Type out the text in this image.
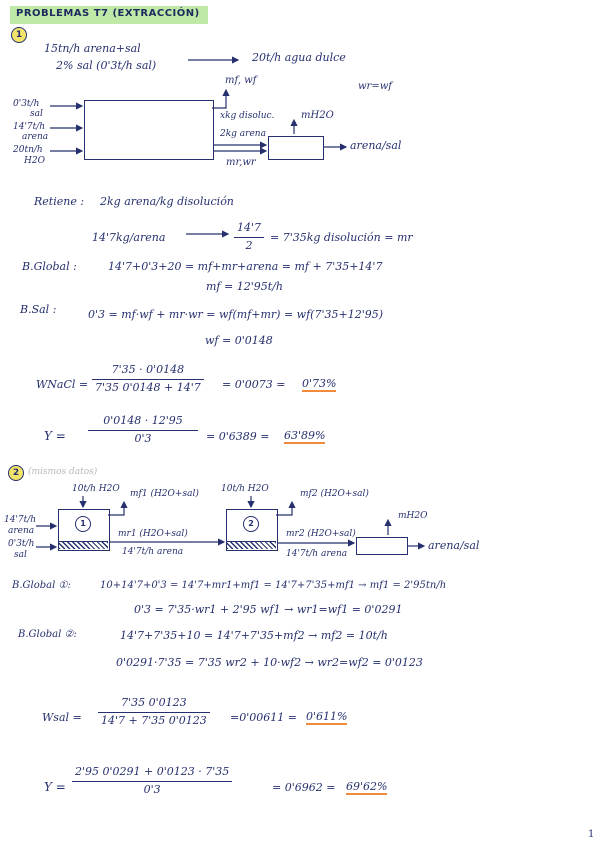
PROBLEMAS T7 (EXTRACCIÓN)
1
15tn/h arena+sal
2% sal (0'3t/h sal)
20t/h agua dulce
mf, wf
wr=wf
0'3t/h
sal
14'7t/h
arena
20tn/h
H2O
xkg disoluc.
2kg arena
mr,wr
mH2O
arena/sal
Retiene : 2kg arena/kg disolución
14'7kg/arena
14'7
2
= 7'35kg disolución = mr
B.Global :	14'7+0'3+20 = mf+mr+arena = mf + 7'35+14'7
mf = 12'95t/h
B.Sal :	0'3 = mf·wf + mr·wr = wf(mf+mr) = wf(7'35+12'95)
wf = 0'0148
WNaCl =
7'35 · 0'0148
7'35 0'0148 + 14'7 = 0'0073 = 0'73%
Y =
0'0148 · 12'95
0'3	= 0'6389 = 63'89%
2 (mismos datos)
10t/h H2O mf1 (H2O+sal) 10t/h H2O	mf2 (H2O+sal)
mH2O
14'7t/h
arena
0'3t/h
sal
1	2
mr1 (H2O+sal)
14'7t/h arena
mr2 (H2O+sal)
14'7t/h arena
arena/sal
B.Global ①:	10+14'7+0'3 = 14'7+mr1+mf1 = 14'7+7'35+mf1 → mf1 = 2'95tn/h
0'3 = 7'35·wr1 + 2'95 wf1 → wr1=wf1 = 0'0291
B.Global ②:	14'7+7'35+10 = 14'7+7'35+mf2 → mf2 = 10t/h
0'0291·7'35 = 7'35 wr2 + 10·wf2 → wr2=wf2 = 0'0123
Wsal =
7'35 0'0123
14'7 + 7'35 0'0123 =0'00611 = 0'611%
Y =
2'95 0'0291 + 0'0123 · 7'35
0'3	= 0'6962 = 69'62%
1
